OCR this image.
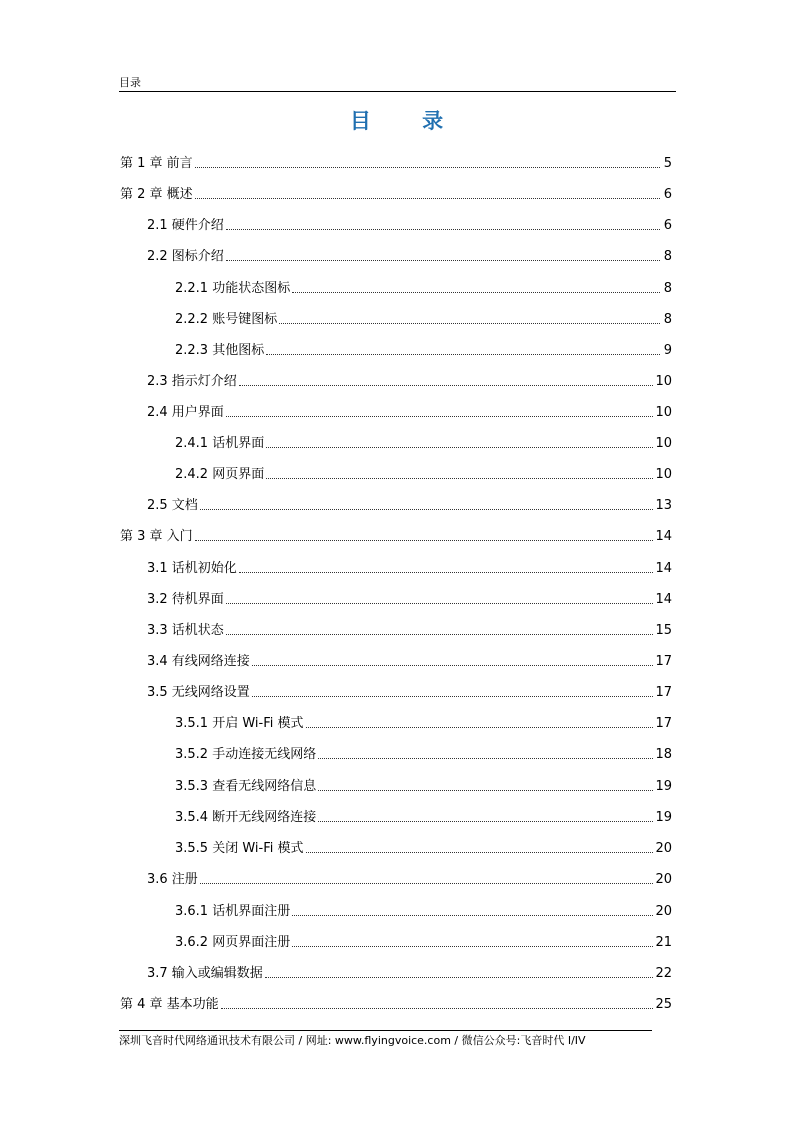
目录
目 录
第 1 章 前言	5
第 2 章 概述	6
2.1 硬件介绍	6
2.2 图标介绍	8
2.2.1 功能状态图标	8
2.2.2 账号键图标	8
2.2.3 其他图标	9
2.3 指示灯介绍	10
2.4 用户界面	10
2.4.1 话机界面	10
2.4.2 网页界面	10
2.5 文档	13
第 3 章 入门	14
3.1 话机初始化	14
3.2 待机界面	14
3.3 话机状态	15
3.4 有线网络连接	17
3.5 无线网络设置	17
3.5.1 开启 Wi-Fi 模式	17
3.5.2 手动连接无线网络	18
3.5.3 查看无线网络信息	19
3.5.4 断开无线网络连接	19
3.5.5 关闭 Wi-Fi 模式	20
3.6 注册	20
3.6.1 话机界面注册	20
3.6.2 网页界面注册	21
3.7 输入或编辑数据	22
第 4 章 基本功能	25
深圳飞音时代网络通讯技术有限公司 / 网址: www.flyingvoice.com / 微信公众号:飞音时代 I/IV
